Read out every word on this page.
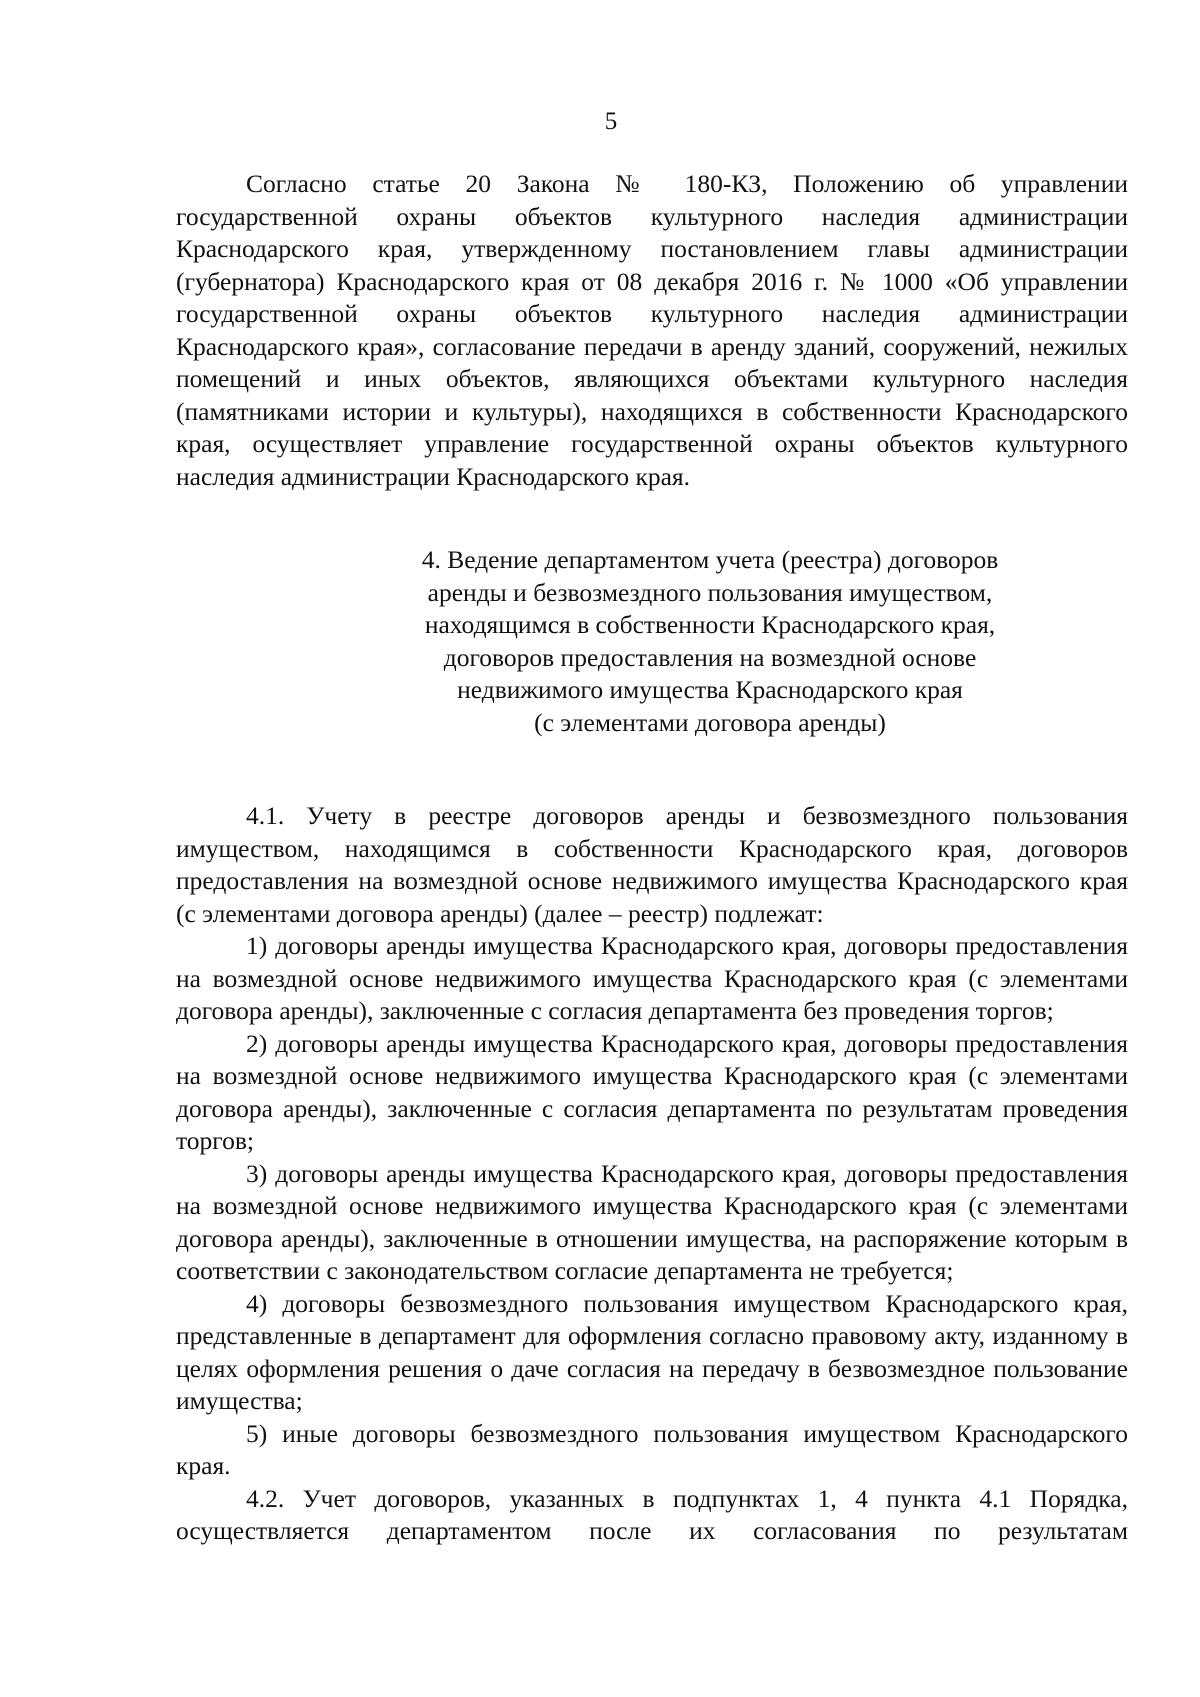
5

Согласно статье 20 Закона № 180-КЗ, Положению об управлении государственной охраны объектов культурного наследия администрации Краснодарского края, утвержденному постановлением главы администрации (губернатора) Краснодарского края от 08 декабря 2016 г. № 1000 «Об управлении государственной охраны объектов культурного наследия администрации Краснодарского края», согласование передачи в аренду зданий, сооружений, нежилых помещений и иных объектов, являющихся объектами культурного наследия (памятниками истории и культуры), находящихся в собственности Краснодарского края, осуществляет управление государственной охраны объектов культурного наследия администрации Краснодарского края.

4. Ведение департаментом учета (реестра) договоров
аренды и безвозмездного пользования имуществом,
находящимся в собственности Краснодарского края,
договоров предоставления на возмездной основе
недвижимого имущества Краснодарского края
(с элементами договора аренды)

4.1. Учету в реестре договоров аренды и безвозмездного пользования имуществом, находящимся в собственности Краснодарского края, договоров предоставления на возмездной основе недвижимого имущества Краснодарского края (с элементами договора аренды) (далее – реестр) подлежат:

1) договоры аренды имущества Краснодарского края, договоры предоставления на возмездной основе недвижимого имущества Краснодарского края (с элементами договора аренды), заключенные с согласия департамента без проведения торгов;

2) договоры аренды имущества Краснодарского края, договоры предоставления на возмездной основе недвижимого имущества Краснодарского края (с элементами договора аренды), заключенные с согласия департамента по результатам проведения торгов;

3) договоры аренды имущества Краснодарского края, договоры предоставления на возмездной основе недвижимого имущества Краснодарского края (с элементами договора аренды), заключенные в отношении имущества, на распоряжение которым в соответствии с законодательством согласие департамента не требуется;

4) договоры безвозмездного пользования имуществом Краснодарского края, представленные в департамент для оформления согласно правовому акту, изданному в целях оформления решения о даче согласия на передачу в безвозмездное пользование имущества;

5) иные договоры безвозмездного пользования имуществом Краснодарского края.

4.2. Учет договоров, указанных в подпунктах 1, 4 пункта 4.1 Порядка, осуществляется департаментом после их согласования по результатам
